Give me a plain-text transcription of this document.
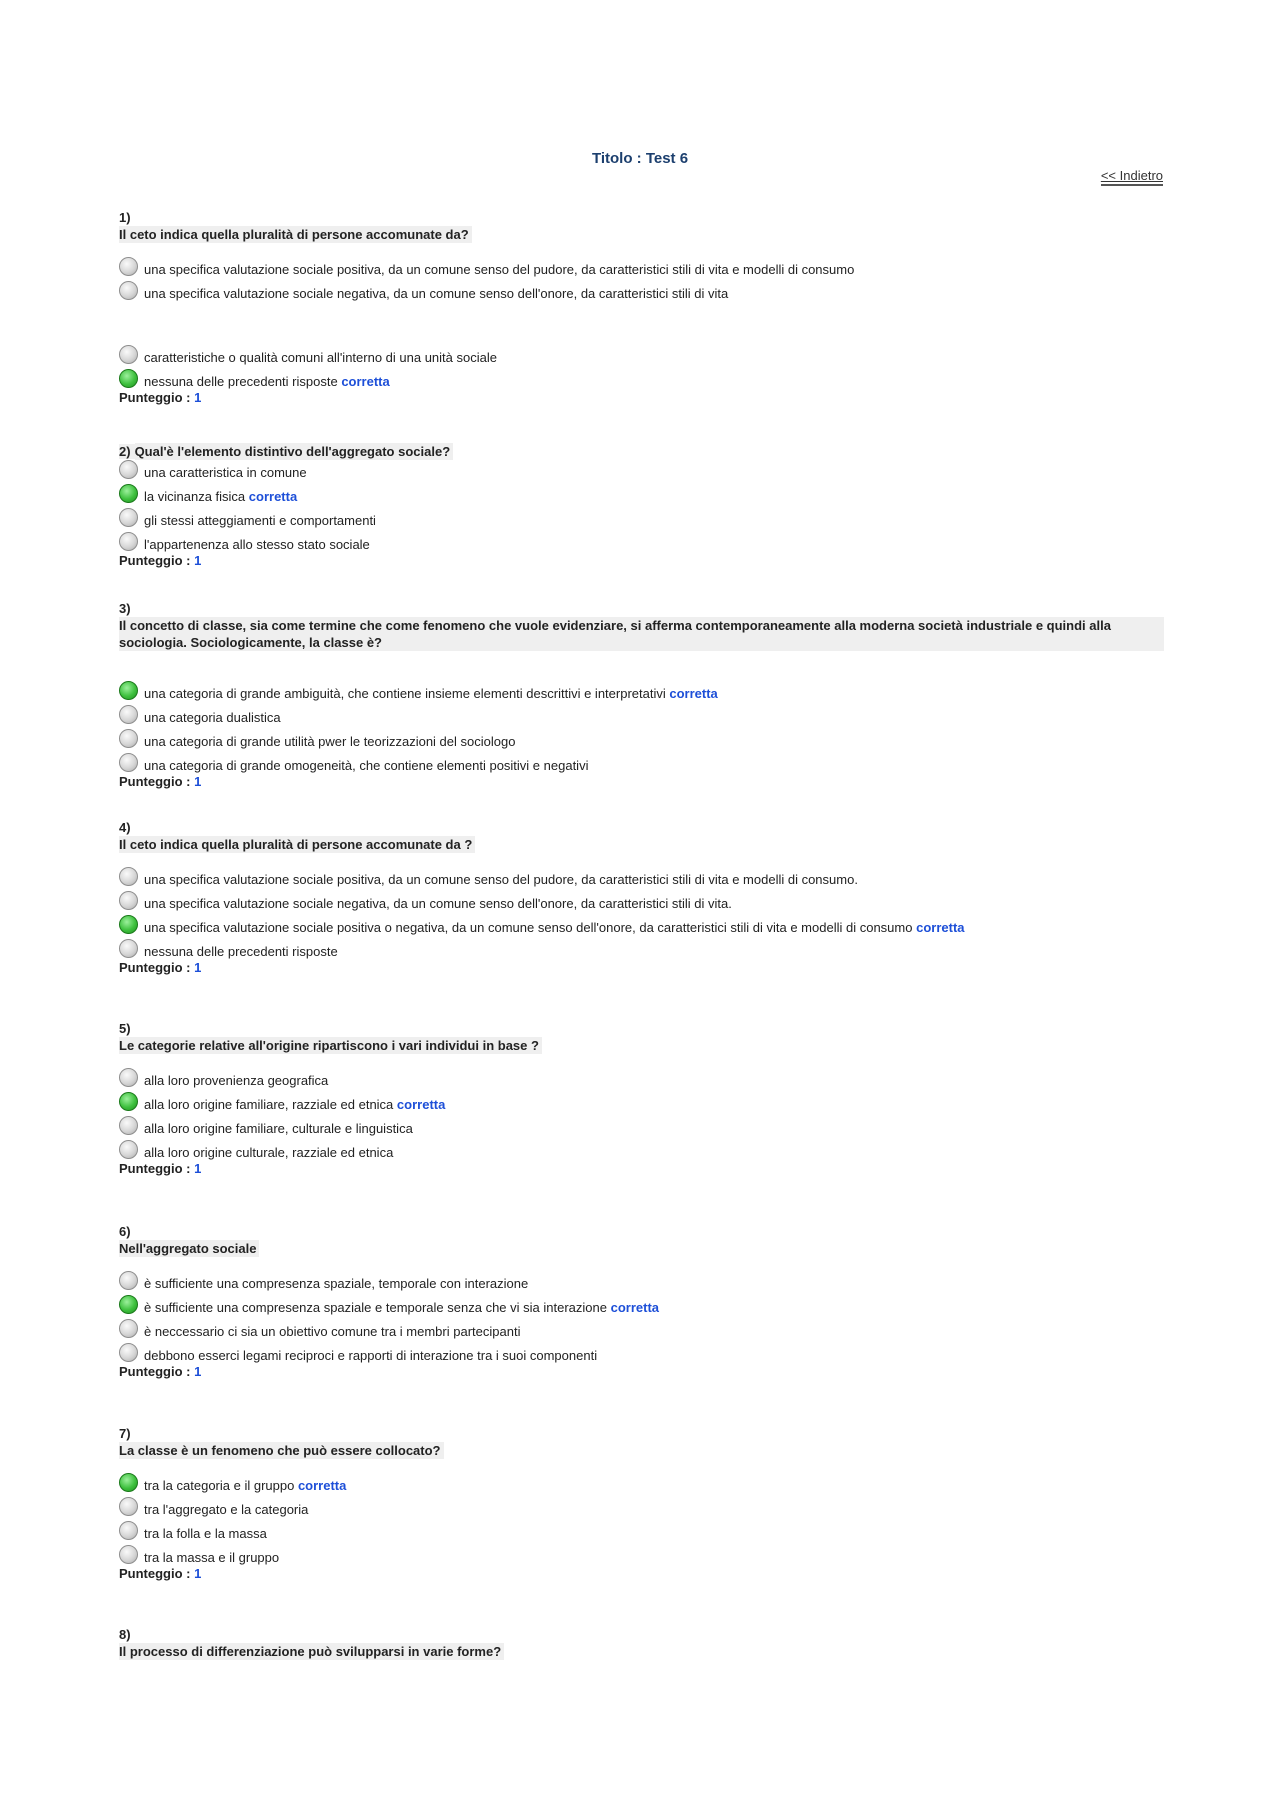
Titolo : Test 6
<< Indietro
1)
Il ceto indica quella pluralità di persone accomunate da?
una specifica valutazione sociale positiva, da un comune senso del pudore, da caratteristici stili di vita e modelli di consumo
una specifica valutazione sociale negativa, da un comune senso dell'onore, da caratteristici stili di vita
caratteristiche o qualità comuni all'interno di una unità sociale
nessuna delle precedenti risposte corretta
Punteggio : 1
2) Qual'è l'elemento distintivo dell'aggregato sociale?
una caratteristica in comune
la vicinanza fisica corretta
gli stessi atteggiamenti e comportamenti
l'appartenenza allo stesso stato sociale
Punteggio : 1
3)
Il concetto di classe, sia come termine che come fenomeno che vuole evidenziare, si afferma contemporaneamente alla moderna società industriale e quindi alla sociologia. Sociologicamente, la classe è?
una categoria di grande ambiguità, che contiene insieme elementi descrittivi e interpretativi corretta
una categoria dualistica
una categoria di grande utilità pwer le teorizzazioni del sociologo
una categoria di grande omogeneità, che contiene elementi positivi e negativi
Punteggio : 1
4)
Il ceto indica quella pluralità di persone accomunate da ?
una specifica valutazione sociale positiva, da un comune senso del pudore, da caratteristici stili di vita e modelli di consumo.
una specifica valutazione sociale negativa, da un comune senso dell'onore, da caratteristici stili di vita.
una specifica valutazione sociale positiva o negativa, da un comune senso dell'onore, da caratteristici stili di vita e modelli di consumo corretta
nessuna delle precedenti risposte
Punteggio : 1
5)
Le categorie relative all'origine ripartiscono i vari individui in base ?
alla loro provenienza geografica
alla loro origine familiare, razziale ed etnica corretta
alla loro origine familiare, culturale e linguistica
alla loro origine culturale, razziale ed etnica
Punteggio : 1
6)
Nell'aggregato sociale
è sufficiente una compresenza spaziale, temporale con interazione
è sufficiente una compresenza spaziale e temporale senza che vi sia interazione corretta
è neccessario ci sia un obiettivo comune tra i membri partecipanti
debbono esserci legami reciproci e rapporti di interazione tra i suoi componenti
Punteggio : 1
7)
La classe è un fenomeno che può essere collocato?
tra la categoria e il gruppo corretta
tra l'aggregato e la categoria
tra la folla e la massa
tra la massa e il gruppo
Punteggio : 1
8)
Il processo di differenziazione può svilupparsi in varie forme?
